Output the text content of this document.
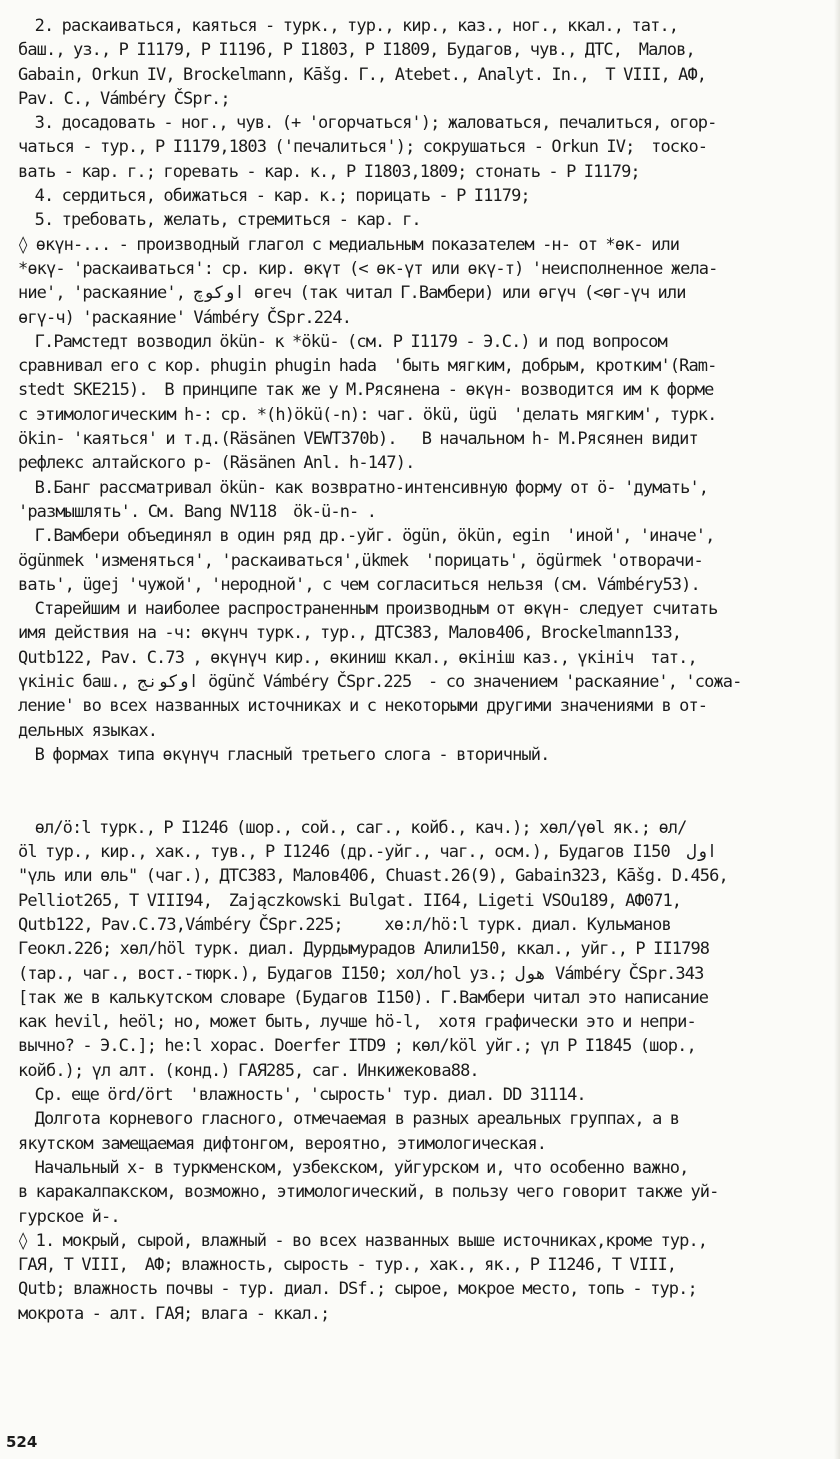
2. раскаиваться, каяться - турк., тур., кир., каз., ног., ккал., тат.,
баш., уз., Р I1179, Р I1196, Р I1803, Р I1809, Будагов, чув., ДТС,  Малов,
Gabain, Orkun IV, Brockelmann, Kāšg. Г., Atebet., Analyt. In.,  Т VIII, АФ,
Pav. C., Vámbéry ČSpr.;
3. досадовать - ног., чув. (+ 'огорчаться'); жаловаться, печалиться, огор-
чаться - тур., Р I1179,1803 ('печалиться'); сокрушаться - Orkun IV;  тоско-
вать - кар. г.; горевать - кар. к., Р I1803,1809; стонать - Р I1179;
4. сердиться, обижаться - кар. к.; порицать - Р I1179;
5. требовать, желать, стремиться - кар. г.
◊ өкүн-... - производный глагол с медиальным показателем -н- от *өк- или
*өкү- 'раскаиваться': ср. кир. өкүт (< өк-үт или өкү-т) 'неисполненное жела-
ние', 'раскаяние', اوكوچ өгеч (так читал Г.Вамбери) или өгүч (<өг-үч или
өгү-ч) 'раскаяние' Vámbéry ČSpr.224.
Г.Рамстедт возводил ökün- к *ökü- (см. Р I1179 - Э.С.) и под вопросом
сравнивал его с кор. phugin phugin hada  'быть мягким, добрым, кротким'(Ram-
stedt SKE215).  В принципе так же у М.Рясянена - өкүн- возводится им к форме
с этимологическим h-: ср. *(h)ökü(-n): чаг. ökü, ügü  'делать мягким', турк.
ökin- 'каяться' и т.д.(Räsänen VEWT370b).   В начальном h- М.Рясянен видит
рефлекс алтайского p- (Räsänen Anl. h-147).
В.Банг рассматривал ökün- как возвратно-интенсивную форму от ö- 'думать',
'размышлять'. См. Bang NV118  ök-ü-n- .
Г.Вамбери объединял в один ряд др.-уйг. ögün, ökün, egin  'иной', 'иначе',
ögünmek 'изменяться', 'раскаиваться',ükmek  'порицать', ögürmek 'отворачи-
вать', ügej 'чужой', 'неродной', с чем согласиться нельзя (см. Vámbéry53).
Старейшим и наиболее распространенным производным от өкүн- следует считать
имя действия на -ч: өкүнч турк., тур., ДТС383, Малов406, Brockelmann133,
Qutb122, Pav. C.73 , өкүнүч кир., өкиниш ккал., өкінiш каз., үкінiч  тат.,
үкінiс баш., اوكونج ögünč Vámbéry ČSpr.225  - со значением 'раскаяние', 'сожа-
ление' во всех названных источниках и с некоторыми другими значениями в от-
дельных языках.
В формах типа өкүнүч гласный третьего слога - вторичный.
өл/ö:l турк., Р I1246 (шор., сой., саг., койб., кач.); хөл/үөl як.; өл/
öl тур., кир., хак., тув., Р I1246 (др.-уйг., чаг., осм.), Будагов I150  اول
"үль или өль" (чаг.), ДТС383, Малов406, Chuast.26(9), Gabain323, Kāšg. D.456,
Pelliot265, Т VIII94,  Zajączkowski Bulgat. II64, Ligeti VSOu189, АФ071,
Qutb122, Pav.C.73,Vámbéry ČSpr.225;     хө:л/hö:l турк. диал. Кульманов
Геокл.226; хөл/höl турк. диал. Дурдымурадов Алили150, ккал., уйг., Р II1798
(тар., чаг., вост.-тюрк.), Будагов I150; хол/hol уз.; هول Vámbéry ČSpr.343
[так же в калькутском словаре (Будагов I150). Г.Вамбери читал это написание
как hevil, heöl; но, может быть, лучше hö-l,  хотя графически это и непри-
вычно? - Э.С.]; he:l хорас. Doerfer ITD9 ; көл/köl уйг.; үл Р I1845 (шор.,
койб.); үл алт. (конд.) ГАЯ285, саг. Инкижекова88.
Ср. еще örd/ört  'влажность', 'сырость' тур. диал. DD 31114.
Долгота корневого гласного, отмечаемая в разных ареальных группах, а в
якутском замещаемая дифтонгом, вероятно, этимологическая.
Начальный х- в туркменском, узбекском, уйгурском и, что особенно важно,
в каракалпакском, возможно, этимологический, в пользу чего говорит также уй-
гурское й-.
◊ 1. мокрый, сырой, влажный - во всех названных выше источниках,кроме тур.,
ГАЯ, Т VIII,  АФ; влажность, сырость - тур., хак., як., Р I1246, Т VIII,
Qutb; влажность почвы - тур. диал. DSf.; сырое, мокрое место, топь - тур.;
мокрота - алт. ГАЯ; влага - ккал.;
524
